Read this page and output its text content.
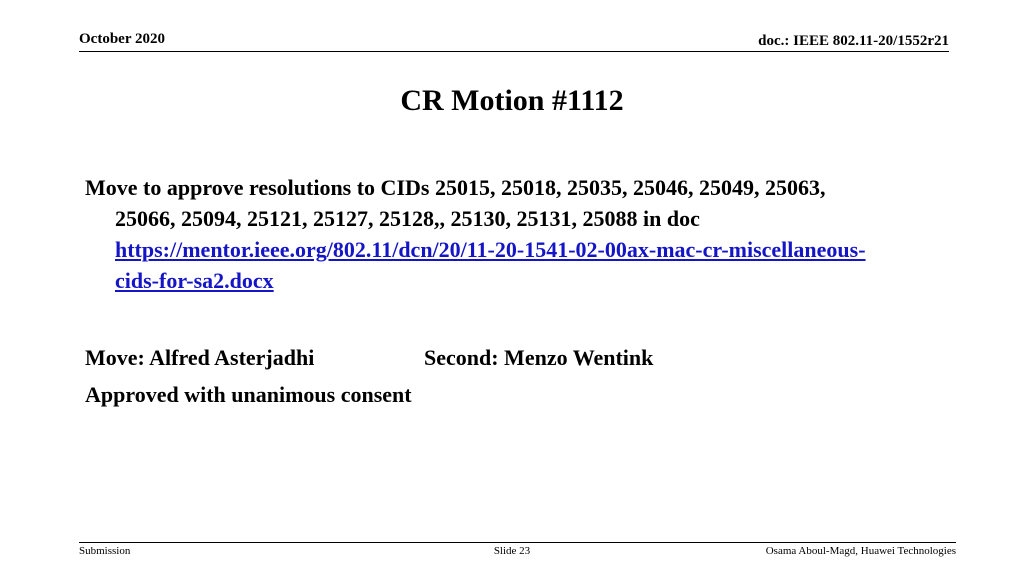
October 2020	doc.: IEEE 802.11-20/1552r21
CR Motion #1112
Move to approve resolutions to CIDs 25015, 25018, 25035, 25046, 25049, 25063, 25066, 25094, 25121, 25127, 25128,, 25130, 25131, 25088 in doc https://mentor.ieee.org/802.11/dcn/20/11-20-1541-02-00ax-mac-cr-miscellaneous-cids-for-sa2.docx
Move: Alfred Asterjadhi	Second: Menzo Wentink
Approved with unanimous consent
Submission	Slide 23	Osama Aboul-Magd, Huawei Technologies
